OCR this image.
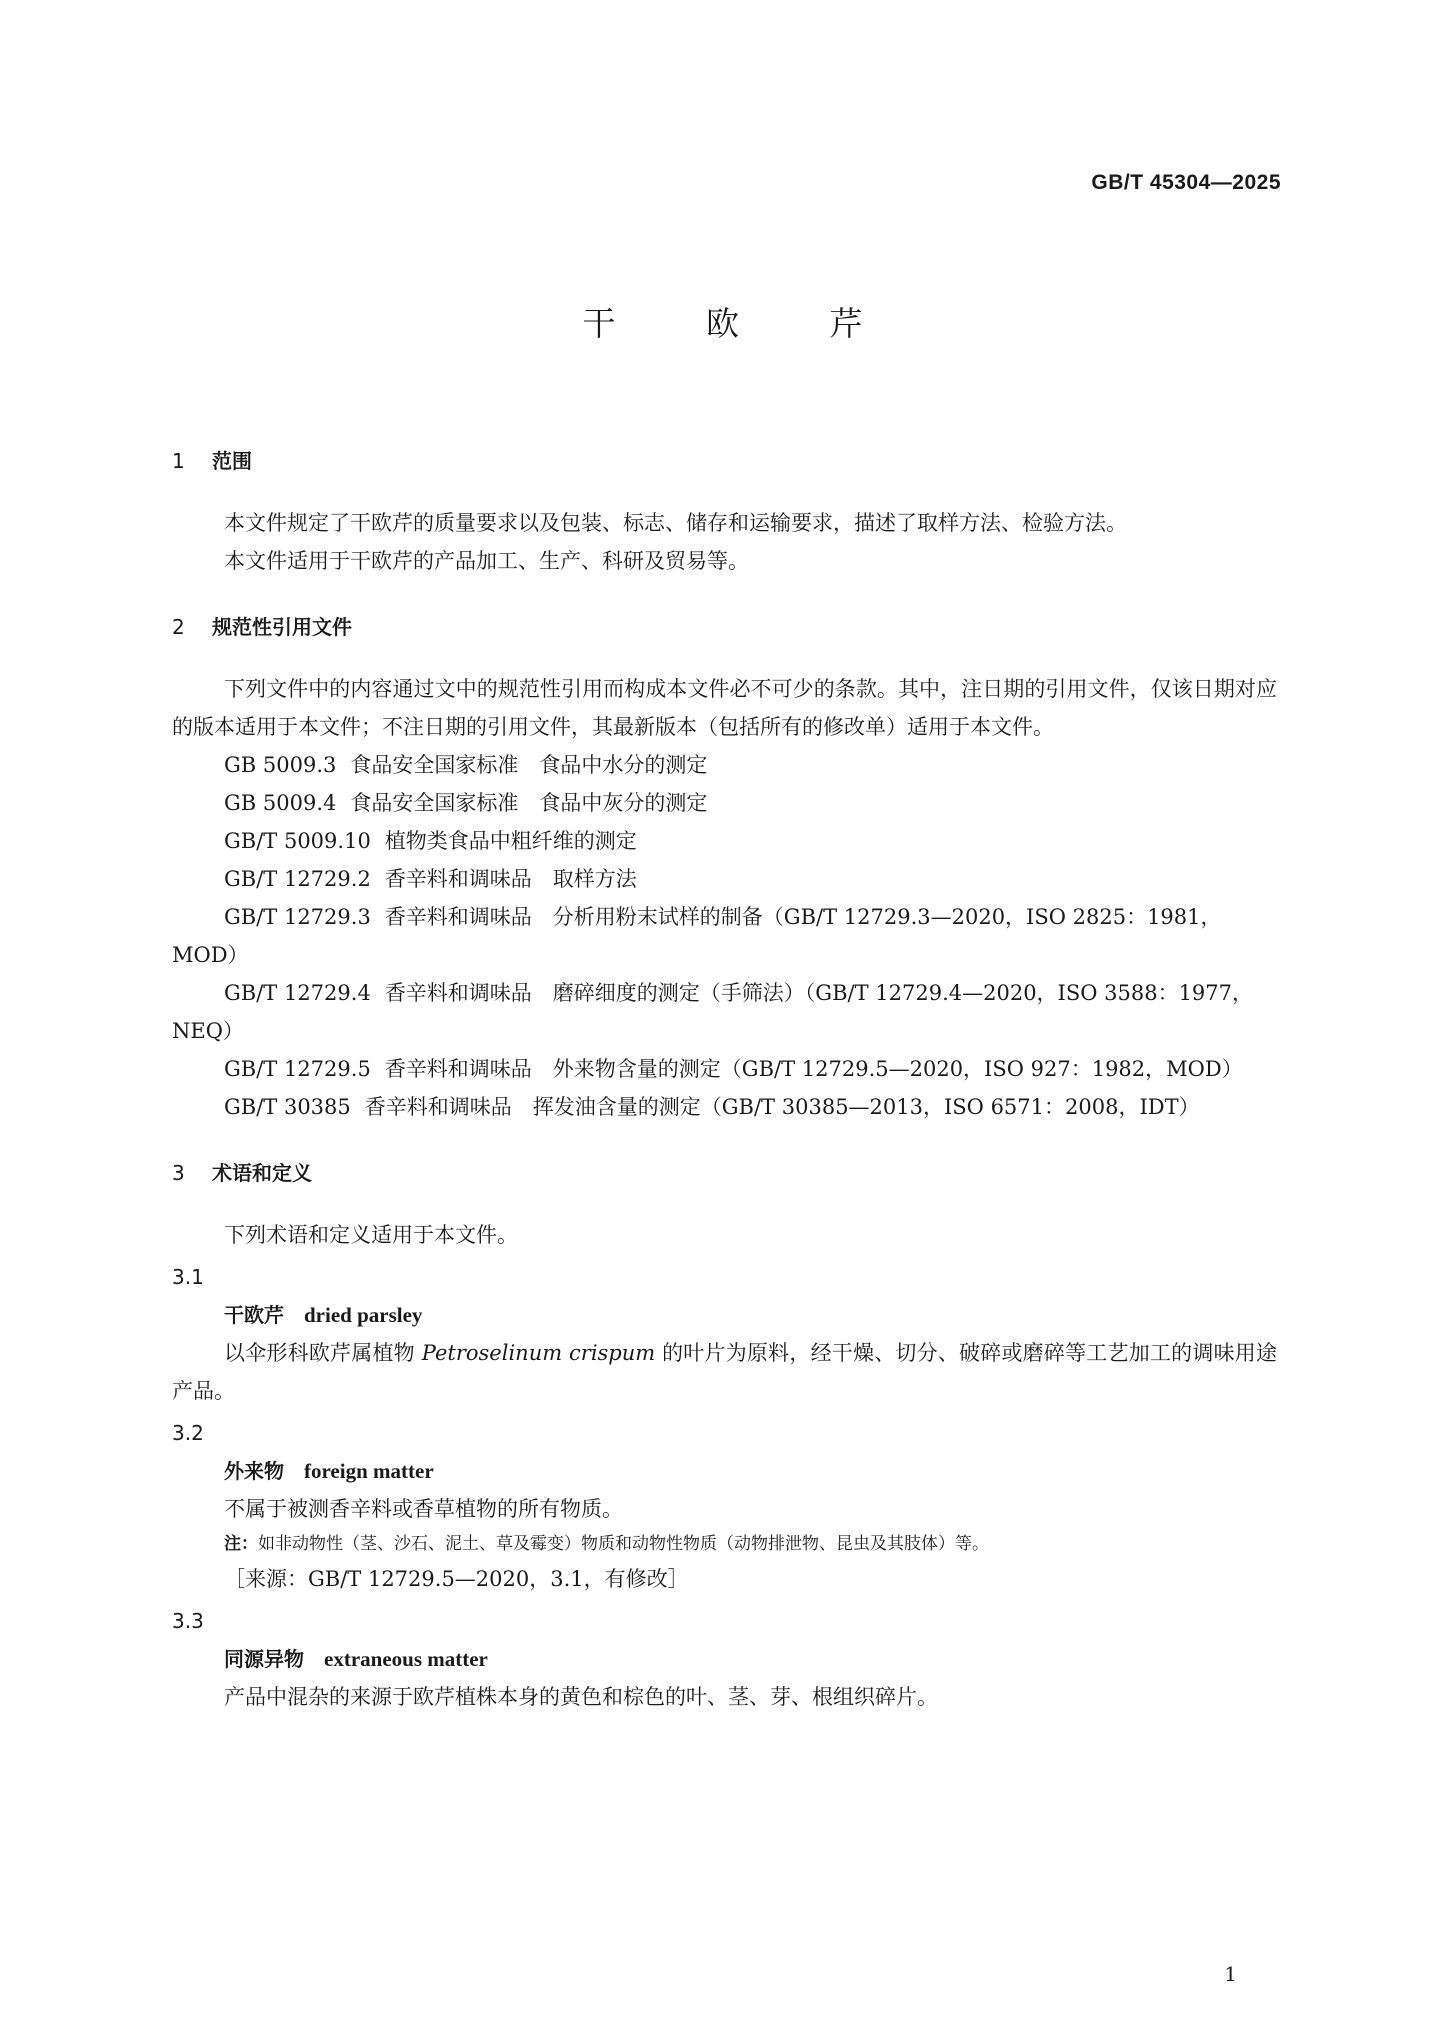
GB/T 45304—2025
干 欧 芹
1 范围
本文件规定了干欧芹的质量要求以及包装、标志、储存和运输要求，描述了取样方法、检验方法。
本文件适用于干欧芹的产品加工、生产、科研及贸易等。
2 规范性引用文件
下列文件中的内容通过文中的规范性引用而构成本文件必不可少的条款。其中，注日期的引用文件，仅该日期对应的版本适用于本文件；不注日期的引用文件，其最新版本（包括所有的修改单）适用于本文件。
GB 5009.3 食品安全国家标准　食品中水分的测定
GB 5009.4 食品安全国家标准　食品中灰分的测定
GB/T 5009.10 植物类食品中粗纤维的测定
GB/T 12729.2 香辛料和调味品　取样方法
GB/T 12729.3 香辛料和调味品　分析用粉末试样的制备（GB/T 12729.3—2020，ISO 2825：1981，MOD）
GB/T 12729.4 香辛料和调味品　磨碎细度的测定（手筛法）（GB/T 12729.4—2020，ISO 3588：1977，NEQ）
GB/T 12729.5 香辛料和调味品　外来物含量的测定（GB/T 12729.5—2020，ISO 927：1982，MOD）
GB/T 30385 香辛料和调味品　挥发油含量的测定（GB/T 30385—2013，ISO 6571：2008，IDT）
3 术语和定义
下列术语和定义适用于本文件。
3.1
干欧芹 dried parsley
以伞形科欧芹属植物 Petroselinum crispum 的叶片为原料，经干燥、切分、破碎或磨碎等工艺加工的调味用途产品。
3.2
外来物 foreign matter
不属于被测香辛料或香草植物的所有物质。
注：如非动物性（茎、沙石、泥土、草及霉变）物质和动物性物质（动物排泄物、昆虫及其肢体）等。
［来源：GB/T 12729.5—2020，3.1，有修改］
3.3
同源异物 extraneous matter
产品中混杂的来源于欧芹植株本身的黄色和棕色的叶、茎、芽、根组织碎片。
1
